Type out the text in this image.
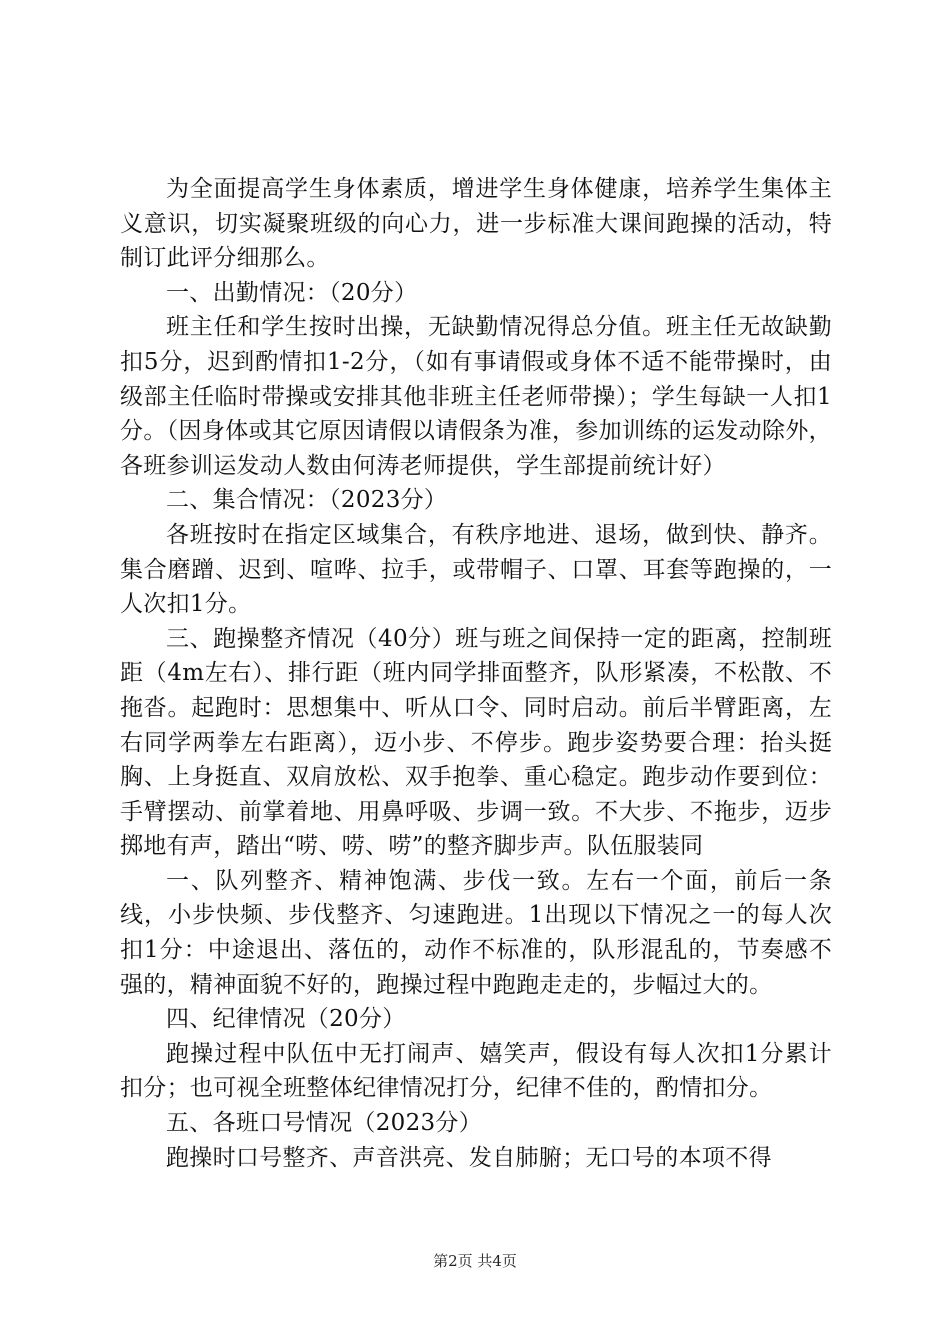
为全面提高学生身体素质，增进学生身体健康，培养学生集体主义意识，切实凝聚班级的向心力，进一步标准大课间跑操的活动，特制订此评分细那么。

一、出勤情况：（20分）

班主任和学生按时出操，无缺勤情况得总分值。班主任无故缺勤扣5分，迟到酌情扣1-2分，（如有事请假或身体不适不能带操时，由级部主任临时带操或安排其他非班主任老师带操）；学生每缺一人扣1分。（因身体或其它原因请假以请假条为准，参加训练的运发动除外，各班参训运发动人数由何涛老师提供，学生部提前统计好）

二、集合情况：（2023分）

各班按时在指定区域集合，有秩序地进、退场，做到快、静齐。集合磨蹭、迟到、喧哗、拉手，或带帽子、口罩、耳套等跑操的，一人次扣1分。

三、跑操整齐情况（40分）班与班之间保持一定的距离，控制班距（4m左右）、排行距（班内同学排面整齐，队形紧凑，不松散、不拖沓。起跑时：思想集中、听从口令、同时启动。前后半臂距离，左右同学两拳左右距离），迈小步、不停步。跑步姿势要合理：抬头挺胸、上身挺直、双肩放松、双手抱拳、重心稳定。跑步动作要到位：手臂摆动、前掌着地、用鼻呼吸、步调一致。不大步、不拖步，迈步掷地有声，踏出“唠、唠、唠”的整齐脚步声。队伍服装同

一、队列整齐、精神饱满、步伐一致。左右一个面，前后一条线，小步快频、步伐整齐、匀速跑进。1出现以下情况之一的每人次扣1分：中途退出、落伍的，动作不标准的，队形混乱的，节奏感不强的，精神面貌不好的，跑操过程中跑跑走走的，步幅过大的。

四、纪律情况（20分）

跑操过程中队伍中无打闹声、嬉笑声，假设有每人次扣1分累计扣分；也可视全班整体纪律情况打分，纪律不佳的，酌情扣分。

五、各班口号情况（2023分）

跑操时口号整齐、声音洪亮、发自肺腑；无口号的本项不得

第2页 共4页
